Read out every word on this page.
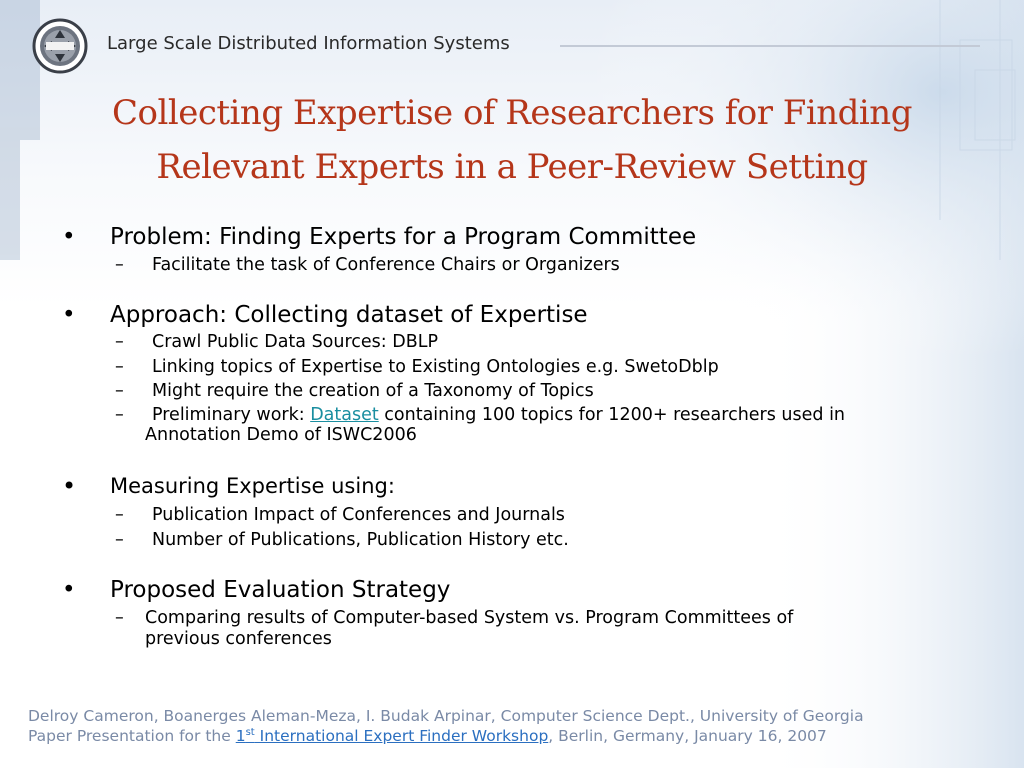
Large Scale Distributed Information Systems
Collecting Expertise of Researchers for Finding
Relevant Experts in a Peer-Review Setting
• Problem: Finding Experts for a Program Committee
– Facilitate the task of Conference Chairs or Organizers
• Approach: Collecting dataset of Expertise
– Crawl Public Data Sources: DBLP
– Linking topics of Expertise to Existing Ontologies e.g. SwetoDblp
– Might require the creation of a Taxonomy of Topics
– Preliminary work: Dataset containing 100 topics for 1200+ researchers used in
Annotation Demo of ISWC2006
• Measuring Expertise using:
– Publication Impact of Conferences and Journals
– Number of Publications, Publication History etc.
• Proposed Evaluation Strategy
– Comparing results of Computer-based System vs. Program Committees of
previous conferences
Delroy Cameron, Boanerges Aleman-Meza, I. Budak Arpinar, Computer Science Dept., University of Georgia
Paper Presentation for the 1st International Expert Finder Workshop, Berlin, Germany, January 16, 2007
